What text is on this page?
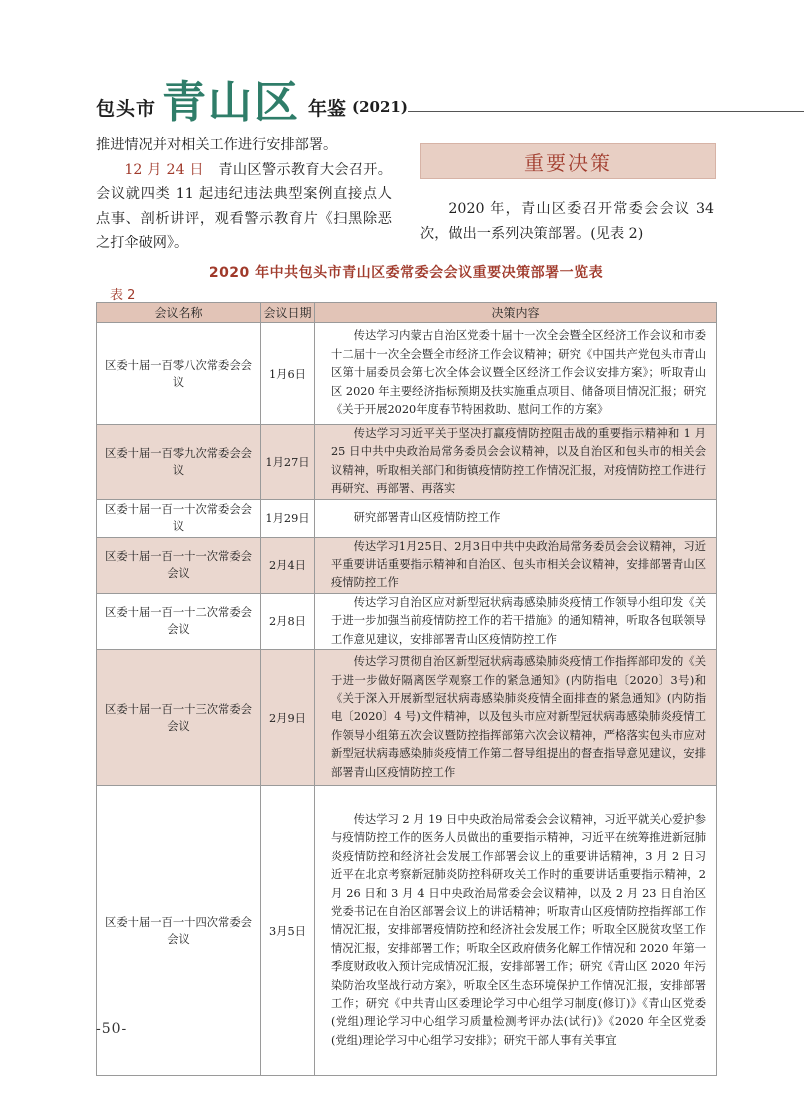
包头市 青山区 年鉴 (2021)

推进情况并对相关工作进行安排部署。

12 月 24 日　 青山区警示教育大会召开。会议就四类 11 起违纪违法典型案例直接点人点事、剖析讲评，观看警示教育片《扫黑除恶之打伞破网》。

重要决策

2020 年，青山区委召开常委会会议 34 次，做出一系列决策部署。(见表 2)

2020 年中共包头市青山区委常委会会议重要决策部署一览表
表 2
会议名称	会议日期	决策内容
区委十届一百零八次常委会会议	1月6日	传达学习内蒙古自治区党委十届十一次全会暨全区经济工作会议和市委十二届十一次全会暨全市经济工作会议精神；研究《中国共产党包头市青山区第十届委员会第七次全体会议暨全区经济工作会议安排方案》；听取青山区 2020 年主要经济指标预期及扶实施重点项目、储备项目情况汇报；研究《关于开展2020年度春节特困救助、慰问工作的方案》
区委十届一百零九次常委会会议	1月27日	传达学习习近平关于坚决打赢疫情防控阻击战的重要指示精神和 1 月 25 日中共中央政治局常务委员会会议精神，以及自治区和包头市的相关会议精神，听取相关部门和街镇疫情防控工作情况汇报，对疫情防控工作进行再研究、再部署、再落实
区委十届一百一十次常委会会议	1月29日	研究部署青山区疫情防控工作
区委十届一百一十一次常委会会议	2月4日	传达学习1月25日、2月3日中共中央政治局常务委员会会议精神，习近平重要讲话重要指示精神和自治区、包头市相关会议精神，安排部署青山区疫情防控工作
区委十届一百一十二次常委会会议	2月8日	传达学习自治区应对新型冠状病毒感染肺炎疫情工作领导小组印发《关于进一步加强当前疫情防控工作的若干措施》的通知精神，听取各包联领导工作意见建议，安排部署青山区疫情防控工作
区委十届一百一十三次常委会会议	2月9日	传达学习贯彻自治区新型冠状病毒感染肺炎疫情工作指挥部印发的《关于进一步做好隔离医学观察工作的紧急通知》(内防指电〔2020〕3号)和《关于深入开展新型冠状病毒感染肺炎疫情全面排查的紧急通知》(内防指电〔2020〕4 号)文件精神，以及包头市应对新型冠状病毒感染肺炎疫情工作领导小组第五次会议暨防控指挥部第六次会议精神，严格落实包头市应对新型冠状病毒感染肺炎疫情工作第二督导组提出的督查指导意见建议，安排部署青山区疫情防控工作
区委十届一百一十四次常委会会议	3月5日	传达学习 2 月 19 日中央政治局常委会会议精神，习近平就关心爱护参与疫情防控工作的医务人员做出的重要指示精神，习近平在统筹推进新冠肺炎疫情防控和经济社会发展工作部署会议上的重要讲话精神，3 月 2 日习近平在北京考察新冠肺炎防控科研攻关工作时的重要讲话重要指示精神，2 月 26 日和 3 月 4 日中央政治局常委会会议精神，以及 2 月 23 日自治区党委书记在自治区部署会议上的讲话精神；听取青山区疫情防控指挥部工作情况汇报，安排部署疫情防控和经济社会发展工作；听取全区脱贫攻坚工作情况汇报，安排部署工作；听取全区政府债务化解工作情况和 2020 年第一季度财政收入预计完成情况汇报，安排部署工作；研究《青山区 2020 年污染防治攻坚战行动方案》，听取全区生态环境保护工作情况汇报，安排部署工作；研究《中共青山区委理论学习中心组学习制度(修订)》《青山区党委(党组)理论学习中心组学习质量检测考评办法(试行)》《2020 年全区党委(党组)理论学习中心组学习安排》；研究干部人事有关事宜
-50-
